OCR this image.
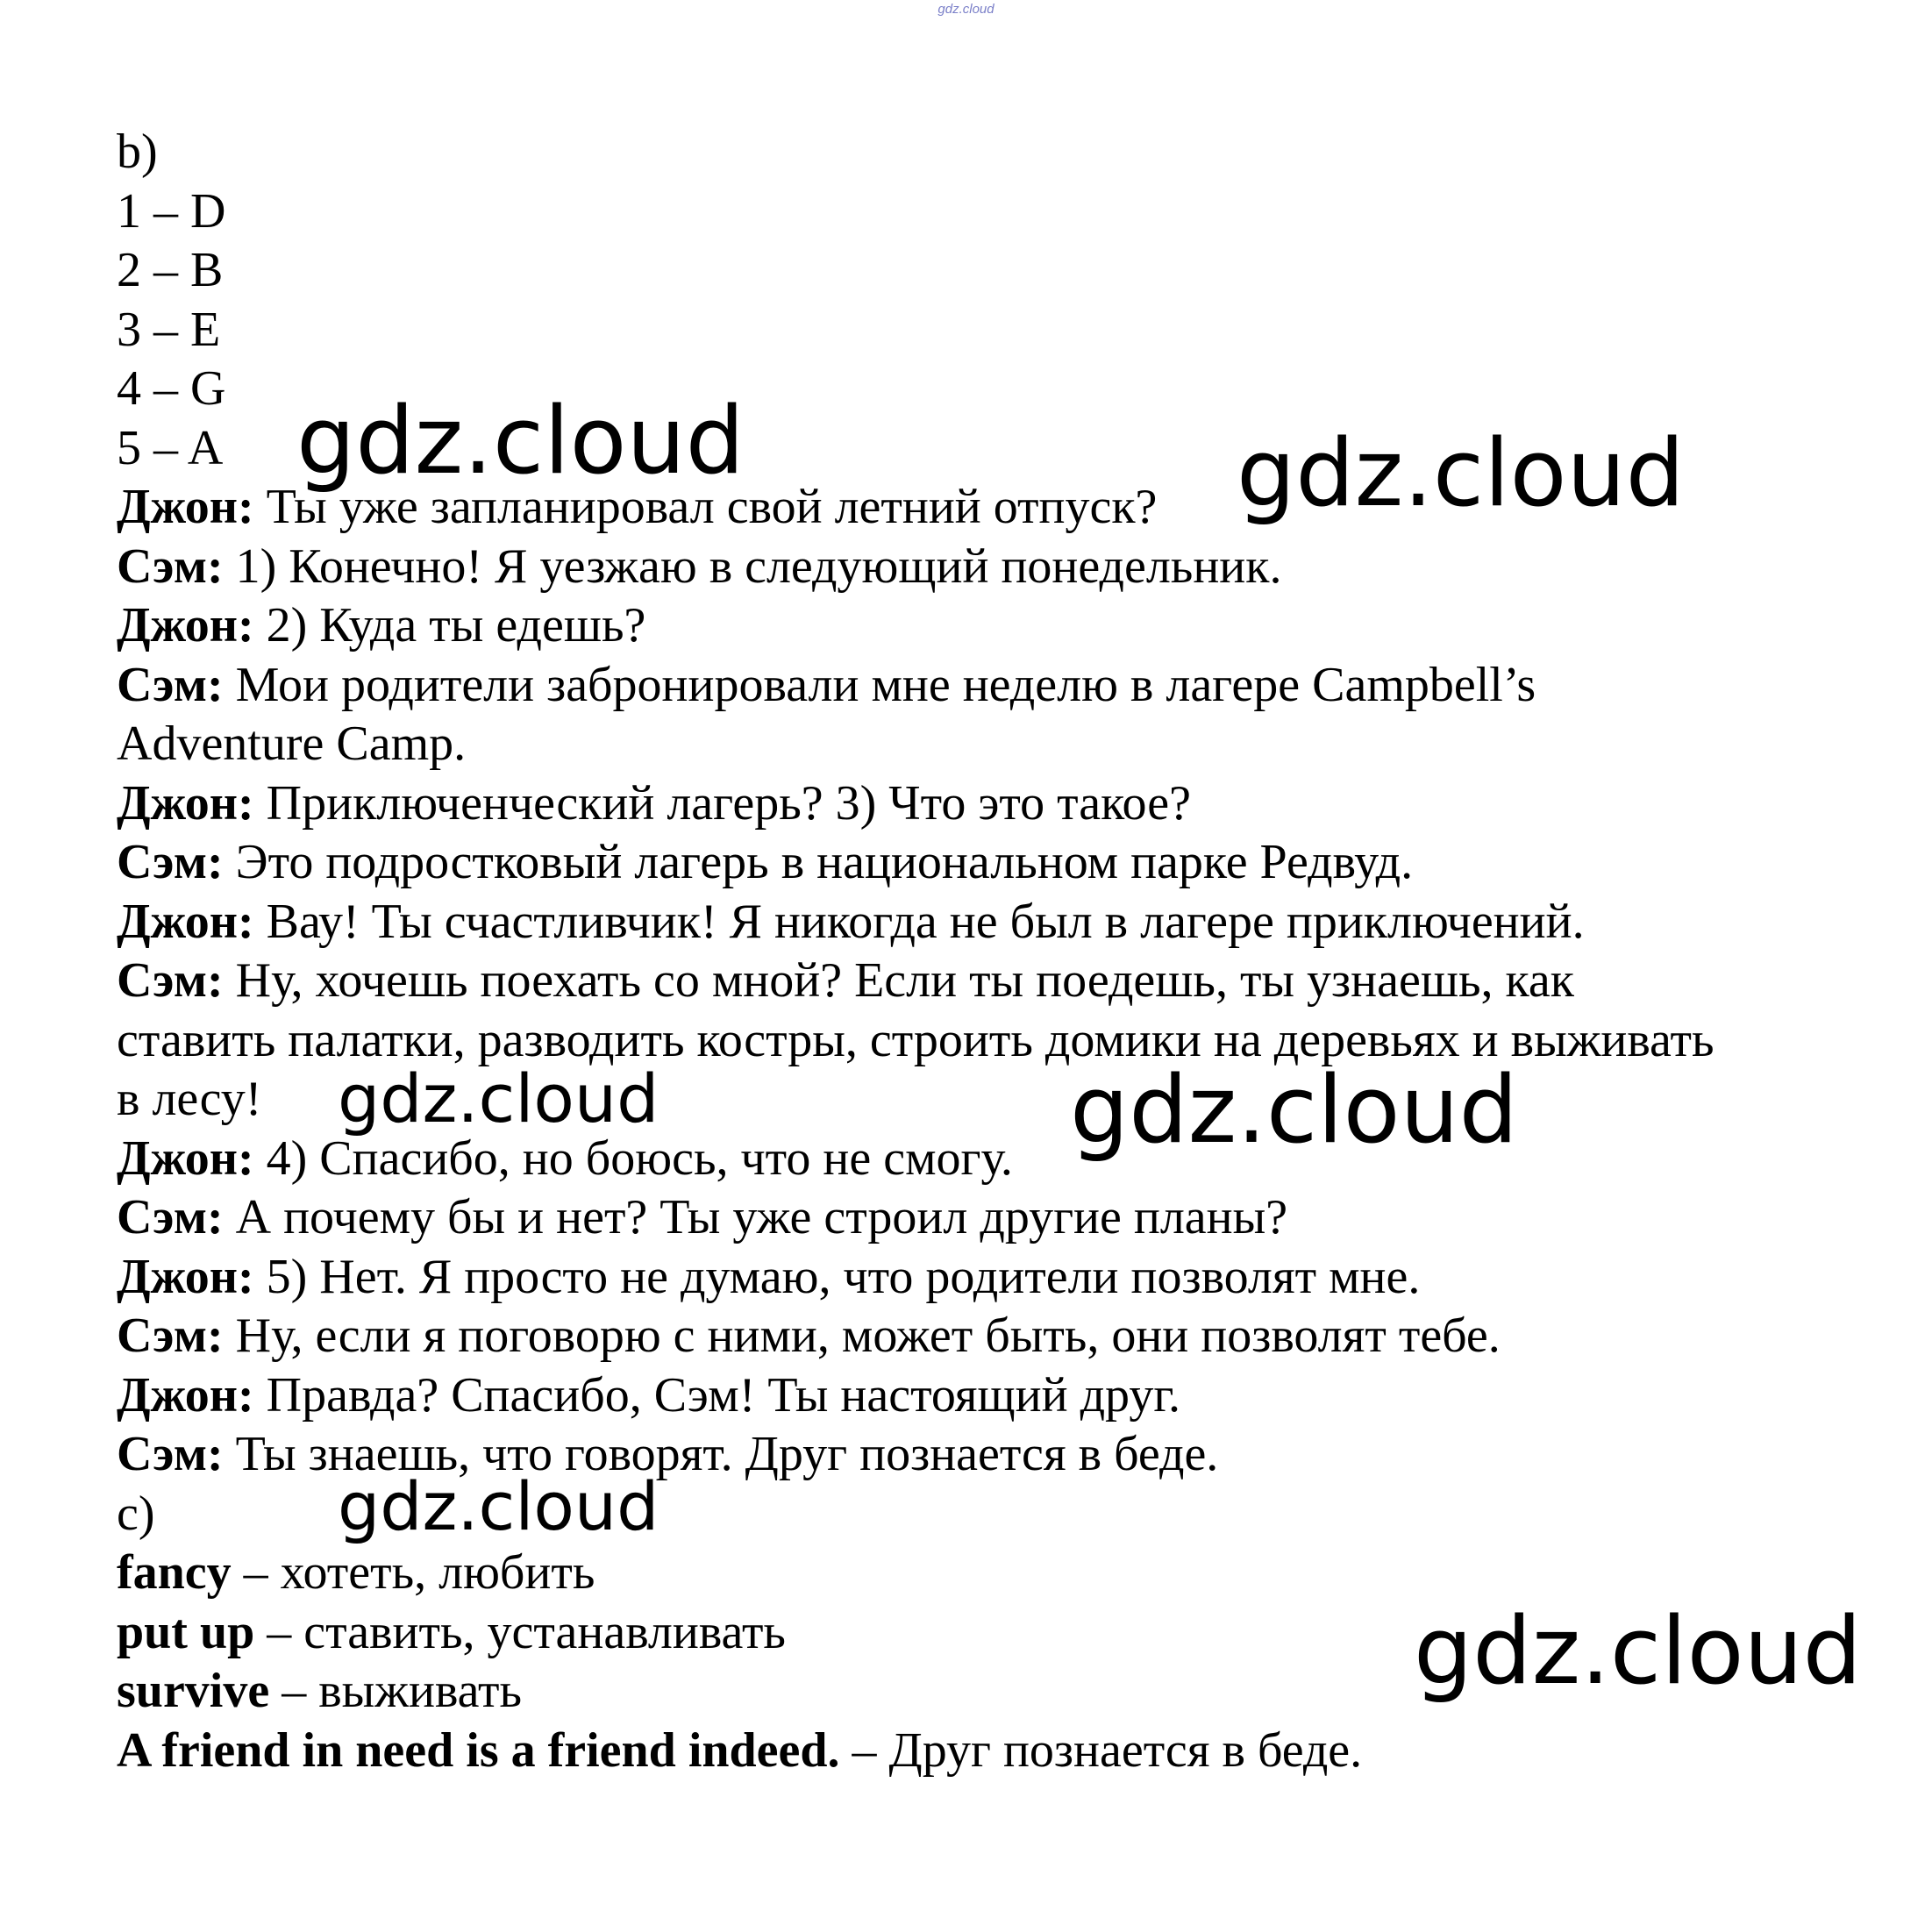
gdz.cloud
b)
1 – D
2 – B
3 – E
4 – G
5 – A
Джон: Ты уже запланировал свой летний отпуск?
Сэм: 1) Конечно! Я уезжаю в следующий понедельник.
Джон: 2) Куда ты едешь?
Сэм: Мои родители забронировали мне неделю в лагере Campbell’s
Adventure Camp.
Джон: Приключенческий лагерь? 3) Что это такое?
Сэм: Это подростковый лагерь в национальном парке Редвуд.
Джон: Вау! Ты счастливчик! Я никогда не был в лагере приключений.
Сэм: Ну, хочешь поехать со мной? Если ты поедешь, ты узнаешь, как
ставить палатки, разводить костры, строить домики на деревьях и выживать
в лесу!
Джон: 4) Спасибо, но боюсь, что не смогу.
Сэм: А почему бы и нет? Ты уже строил другие планы?
Джон: 5) Нет. Я просто не думаю, что родители позволят мне.
Сэм: Ну, если я поговорю с ними, может быть, они позволят тебе.
Джон: Правда? Спасибо, Сэм! Ты настоящий друг.
Сэм: Ты знаешь, что говорят. Друг познается в беде.
c)
fancy – хотеть, любить
put up – ставить, устанавливать
survive – выживать
A friend in need is a friend indeed. – Друг познается в беде.
gdz.cloud	gdz.cloud
gdz.cloud	gdz.cloud
gdz.cloud
gdz.cloud
